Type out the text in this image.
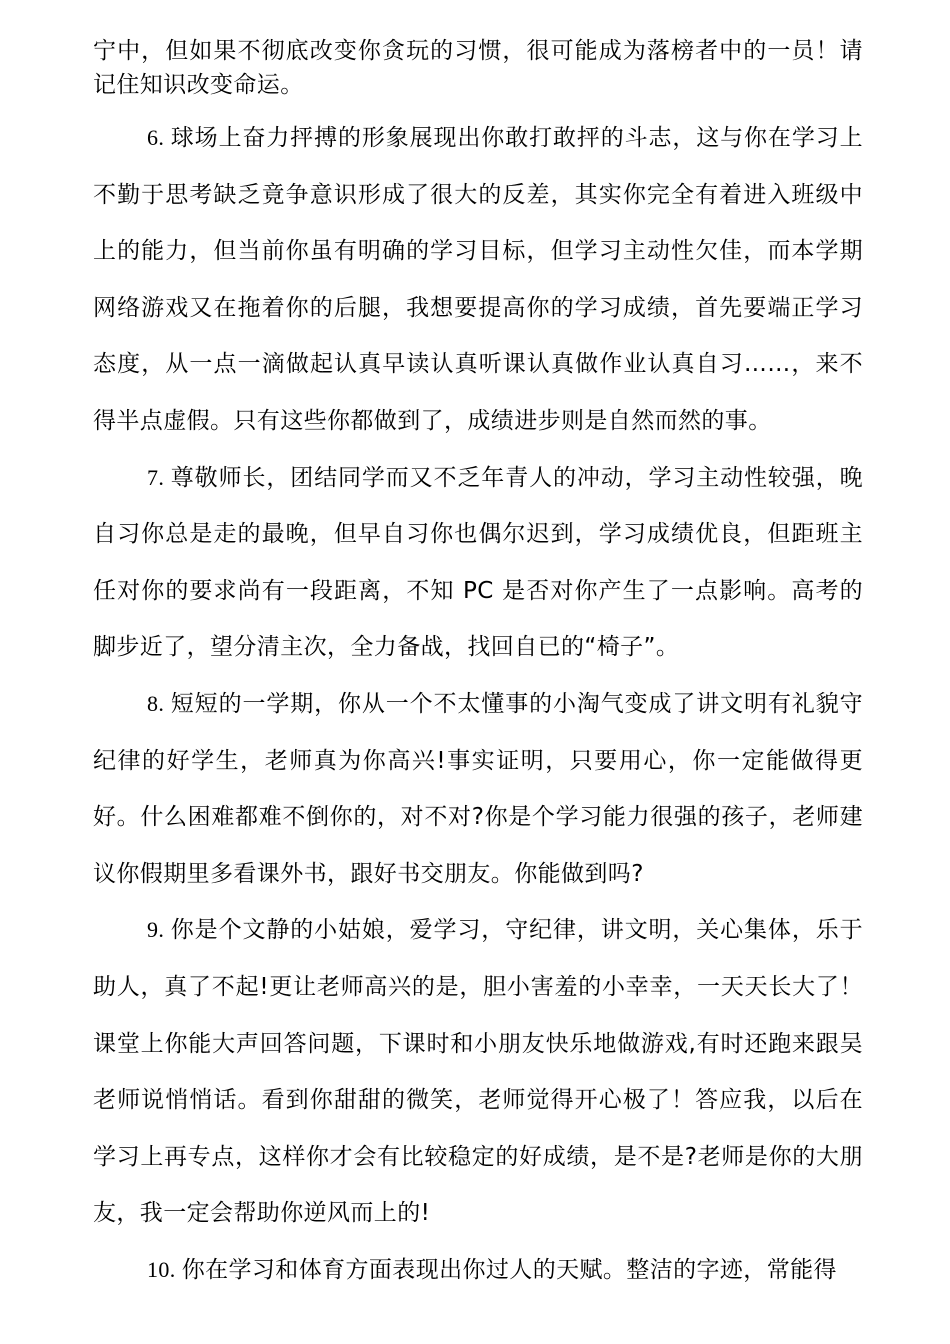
宁中，但如果不彻底改变你贪玩的习惯，很可能成为落榜者中的一员！请记住知识改变命运。

6. 球场上奋力抨搏的形象展现出你敢打敢抨的斗志，这与你在学习上不勤于思考缺乏竟争意识形成了很大的反差，其实你完全有着进入班级中上的能力，但当前你虽有明确的学习目标，但学习主动性欠佳，而本学期网络游戏又在拖着你的后腿，我想要提高你的学习成绩，首先要端正学习态度，从一点一滴做起认真早读认真听课认真做作业认真自习……，来不得半点虚假。只有这些你都做到了，成绩进步则是自然而然的事。

7. 尊敬师长，团结同学而又不乏年青人的冲动，学习主动性较强，晚自习你总是走的最晚，但早自习你也偶尔迟到，学习成绩优良，但距班主任对你的要求尚有一段距离，不知 PC 是否对你产生了一点影响。高考的脚步近了，望分清主次，全力备战，找回自已的“椅子”。

8. 短短的一学期，你从一个不太懂事的小淘气变成了讲文明有礼貌守纪律的好学生，老师真为你高兴!事实证明，只要用心，你一定能做得更好。什么困难都难不倒你的，对不对?你是个学习能力很强的孩子，老师建议你假期里多看课外书，跟好书交朋友。你能做到吗?

9. 你是个文静的小姑娘，爱学习，守纪律，讲文明，关心集体，乐于助人，真了不起!更让老师高兴的是，胆小害羞的小幸幸，一天天长大了！课堂上你能大声回答问题，下课时和小朋友快乐地做游戏,有时还跑来跟吴老师说悄悄话。看到你甜甜的微笑，老师觉得开心极了！答应我，以后在学习上再专点，这样你才会有比较稳定的好成绩，是不是?老师是你的大朋友，我一定会帮助你逆风而上的!

10. 你在学习和体育方面表现出你过人的天赋。整洁的字迹，常能得
